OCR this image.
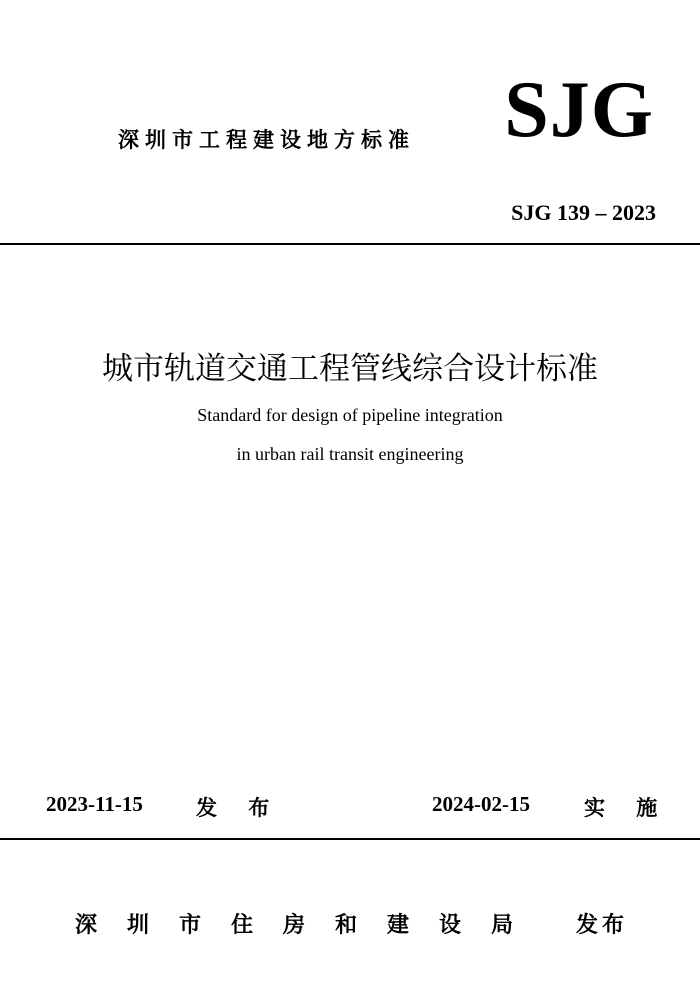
深圳市工程建设地方标准 SJG
SJG 139 – 2023
城市轨道交通工程管线综合设计标准
Standard for design of pipeline integration
in urban rail transit engineering
2023-11-15	发 布	2024-02-15	实 施
深圳市住房和建设局 发布
